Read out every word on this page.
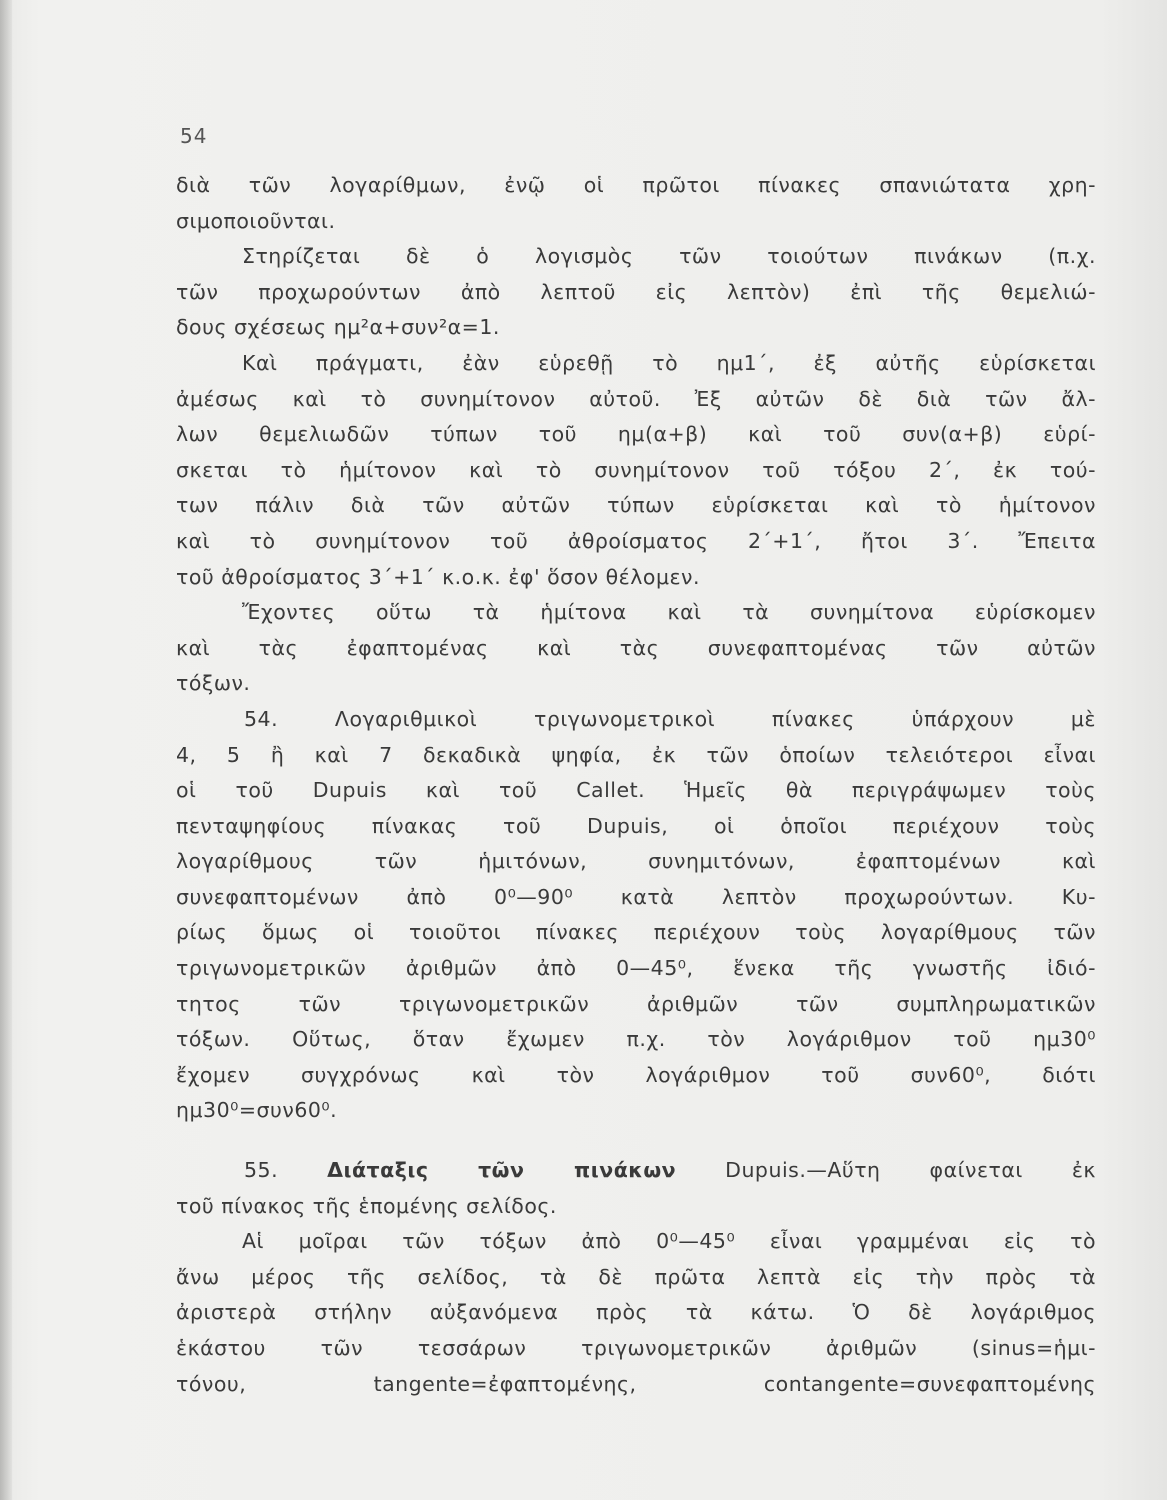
54
διὰ τῶν λογαρίθμων, ἐνῷ οἱ πρῶτοι πίνακες σπανιώτατα χρη-
σιμοποιοῦνται.
Στηρίζεται δὲ ὁ λογισμὸς τῶν τοιούτων πινάκων (π.χ.
τῶν προχωρούντων ἀπὸ λεπτοῦ εἰς λεπτὸν) ἐπὶ τῆς θεμελιώ-
δους σχέσεως ημ²α+συν²α=1.
Καὶ πράγματι, ἐὰν εὑρεθῇ τὸ ημ1΄, ἐξ αὐτῆς εὑρίσκεται
ἀμέσως καὶ τὸ συνημίτονον αὐτοῦ. Ἐξ αὐτῶν δὲ διὰ τῶν ἄλ-
λων θεμελιωδῶν τύπων τοῦ ημ(α+β) καὶ τοῦ συν(α+β) εὑρί-
σκεται τὸ ἡμίτονον καὶ τὸ συνημίτονον τοῦ τόξου 2΄, ἐκ τού-
των πάλιν διὰ τῶν αὐτῶν τύπων εὑρίσκεται καὶ τὸ ἡμίτονον
καὶ τὸ συνημίτονον τοῦ ἀθροίσματος 2΄+1΄, ἤτοι 3΄. Ἔπειτα
τοῦ ἀθροίσματος 3΄+1΄ κ.ο.κ. ἐφ' ὅσον θέλομεν.
Ἔχοντες οὕτω τὰ ἡμίτονα καὶ τὰ συνημίτονα εὑρίσκομεν
καὶ τὰς ἐφαπτομένας καὶ τὰς συνεφαπτομένας τῶν αὐτῶν
τόξων.
54. Λογαριθμικοὶ τριγωνομετρικοὶ πίνακες ὑπάρχουν μὲ
4, 5 ἢ καὶ 7 δεκαδικὰ ψηφία, ἐκ τῶν ὁποίων τελειότεροι εἶναι
οἱ τοῦ Dupuis καὶ τοῦ Callet. Ἡμεῖς θὰ περιγράψωμεν τοὺς
πενταψηφίους πίνακας τοῦ Dupuis, οἱ ὁποῖοι περιέχουν τοὺς
λογαρίθμους τῶν ἡμιτόνων, συνημιτόνων, ἐφαπτομένων καὶ
συνεφαπτομένων ἀπὸ 0⁰—90⁰ κατὰ λεπτὸν προχωρούντων. Κυ-
ρίως ὅμως οἱ τοιοῦτοι πίνακες περιέχουν τοὺς λογαρίθμους τῶν
τριγωνομετρικῶν ἀριθμῶν ἀπὸ 0—45⁰, ἕνεκα τῆς γνωστῆς ἰδιό-
τητος τῶν τριγωνομετρικῶν ἀριθμῶν τῶν συμπληρωματικῶν
τόξων. Οὕτως, ὅταν ἔχωμεν π.χ. τὸν λογάριθμον τοῦ ημ30⁰
ἔχομεν συγχρόνως καὶ τὸν λογάριθμον τοῦ συν60⁰, διότι
ημ30⁰=συν60⁰.
55. Διάταξις τῶν πινάκων Dupuis.—Αὕτη φαίνεται ἐκ
τοῦ πίνακος τῆς ἑπομένης σελίδος.
Αἱ μοῖραι τῶν τόξων ἀπὸ 0⁰—45⁰ εἶναι γραμμέναι εἰς τὸ
ἄνω μέρος τῆς σελίδος, τὰ δὲ πρῶτα λεπτὰ εἰς τὴν πρὸς τὰ
ἀριστερὰ στήλην αὐξανόμενα πρὸς τὰ κάτω. Ὁ δὲ λογάριθμος
ἑκάστου τῶν τεσσάρων τριγωνομετρικῶν ἀριθμῶν (sinus=ἡμι-
τόνου, tangente=ἐφαπτομένης, contangente=συνεφαπτομένης
